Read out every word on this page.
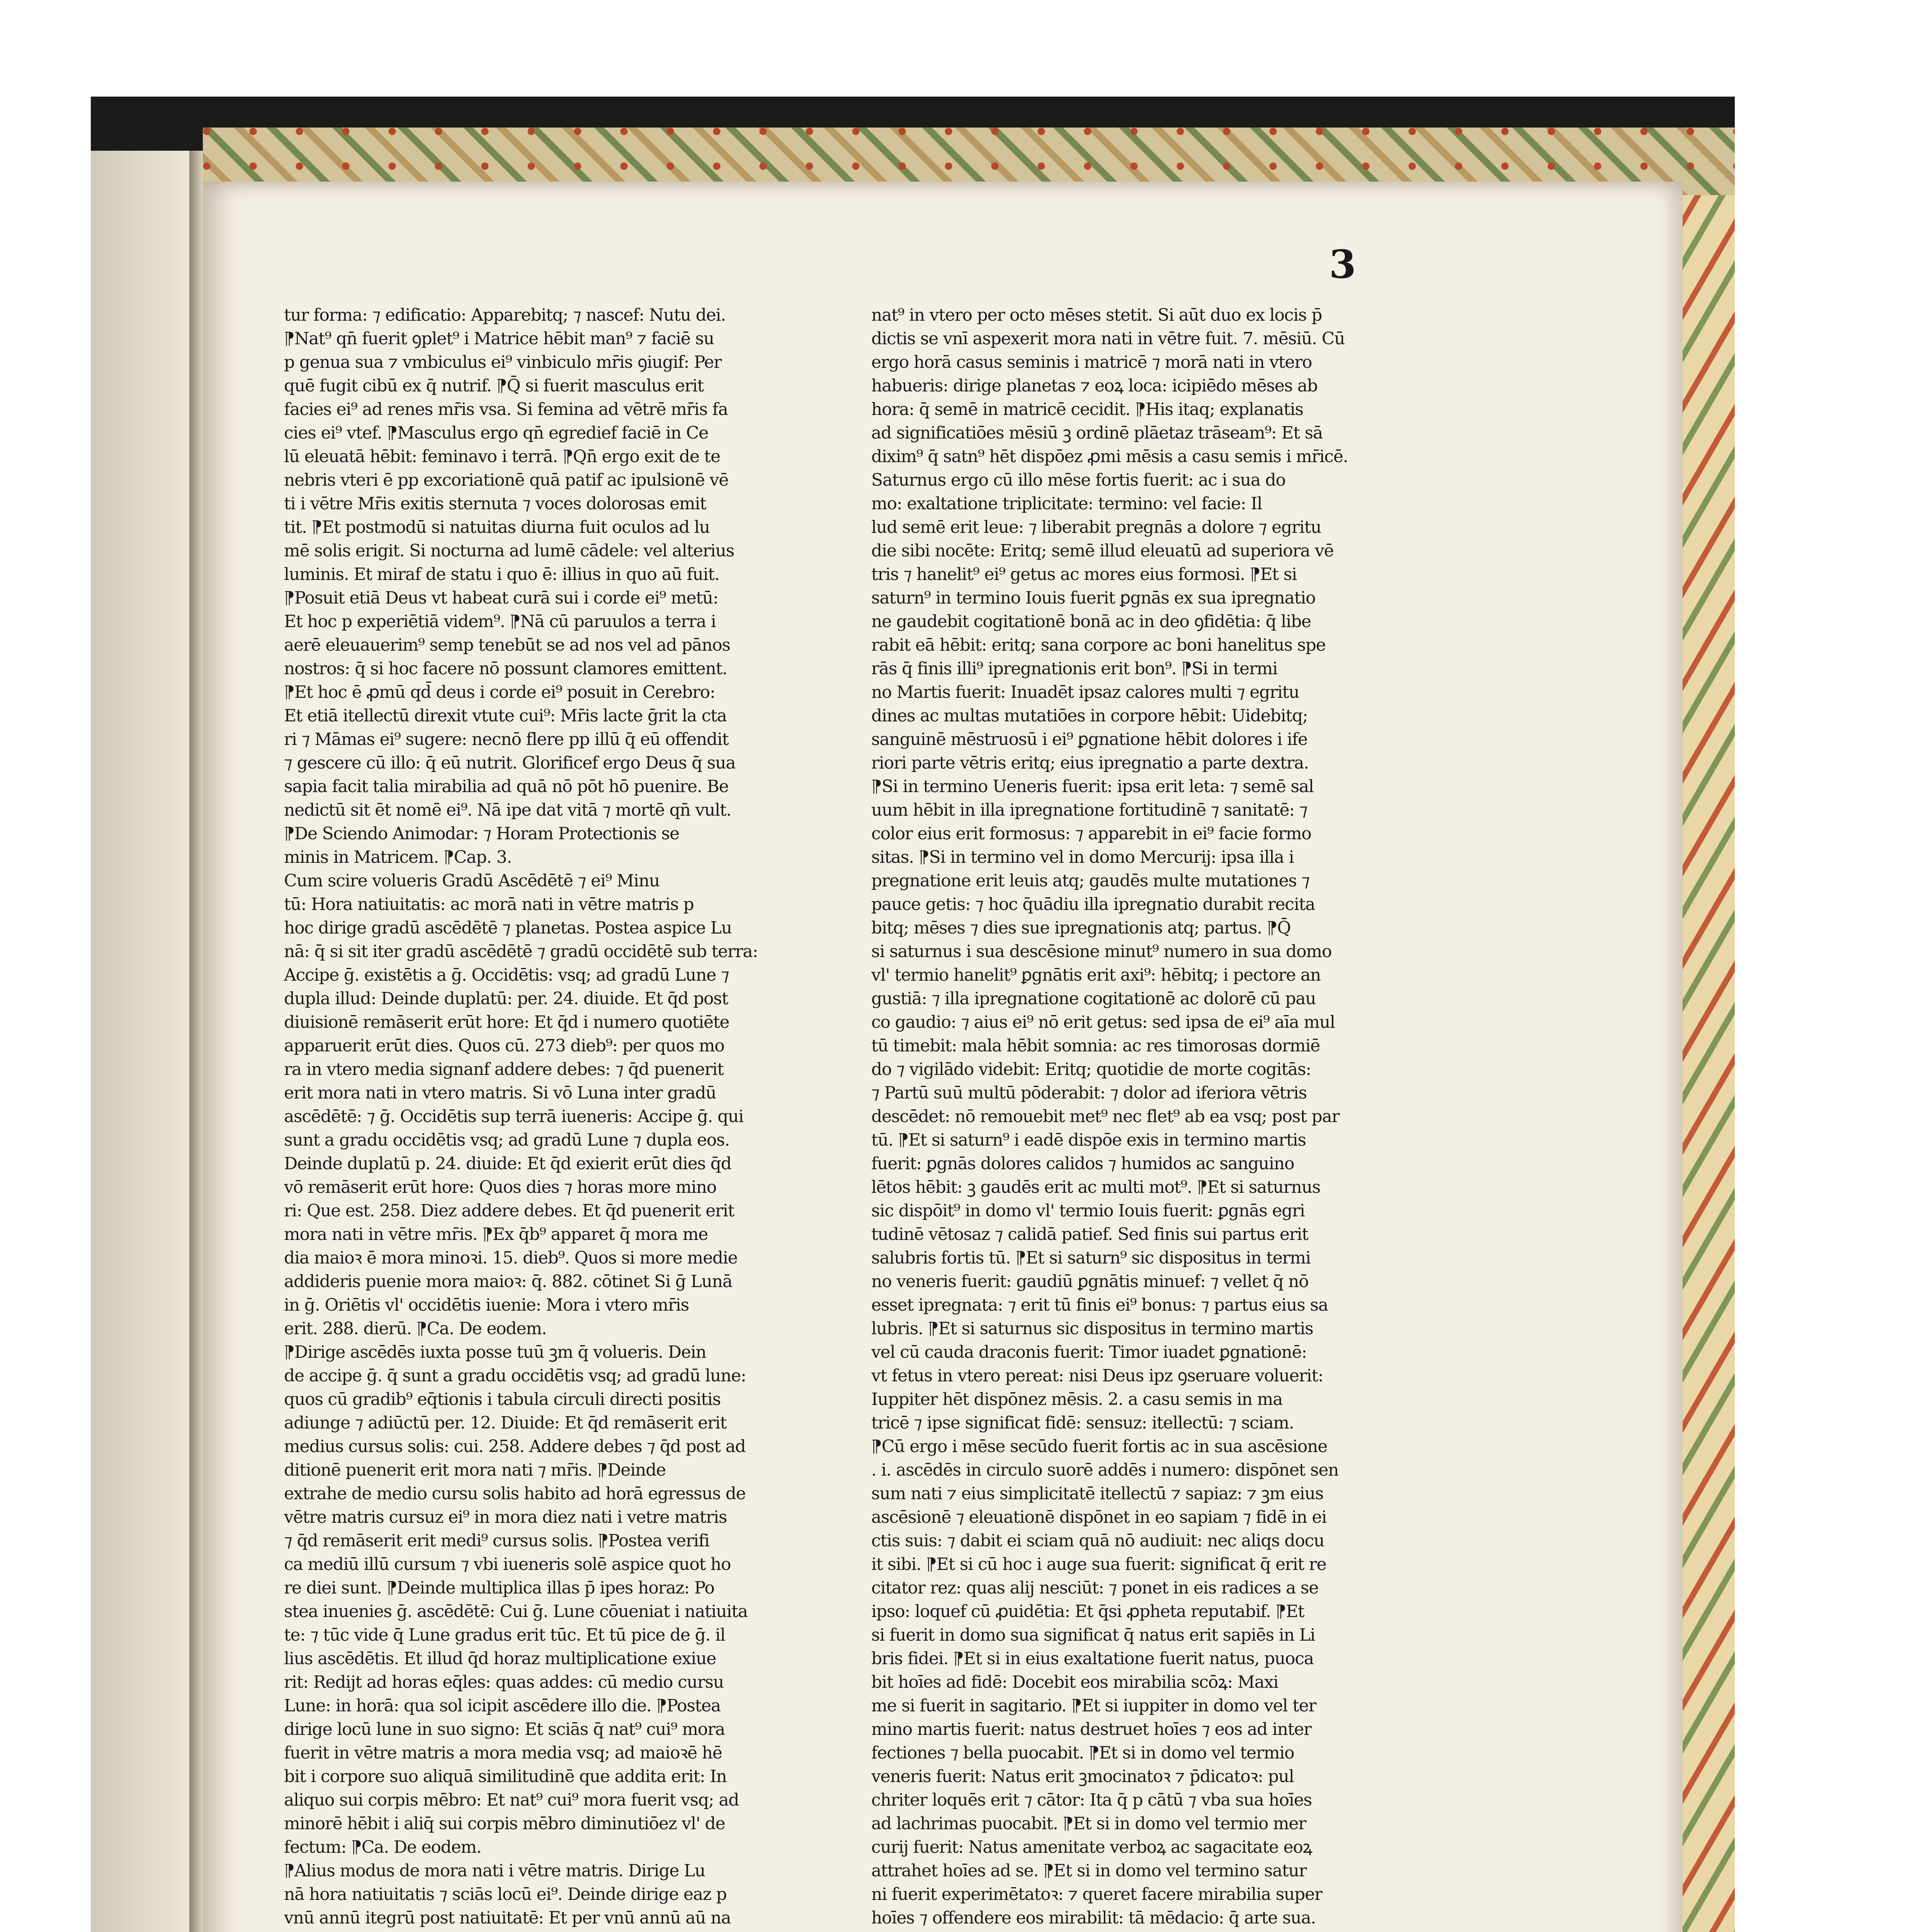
3
tur forma: ⁊ edificatio: Apparebitq; ⁊ nascef: Nutu dei.
⁋Nat⁹ qn̄ fuerit ꝯplet⁹ i Matrice hēbit man⁹ ⁊ faciē su
p genua sua ⁊ vmbiculus ei⁹ vinbiculo mr̄is ꝯiugif: Per
quē fugit cibū ex q̄ nutrif. ⁋Q̄ si fuerit masculus erit
facies ei⁹ ad renes mr̄is vsa. Si femina ad vētrē mr̄is fa
cies ei⁹ vtef. ⁋Masculus ergo qn̄ egredief faciē in Ce
lū eleuatā hēbit: feminavo i terrā. ⁋Qn̄ ergo exit de te
nebris vteri ē pp excoriationē quā patif ac ipulsionē vē
ti i vētre Mr̄is exitis sternuta ⁊ voces dolorosas emit
tit. ⁋Et postmodū si natuitas diurna fuit oculos ad lu
mē solis erigit. Si nocturna ad lumē cādele: vel alterius
luminis. Et miraf de statu i quo ē: illius in quo aū fuit.
⁋Posuit etiā Deus vt habeat curā sui i corde ei⁹ metū:
Et hoc p experiētiā videm⁹. ⁋Nā cū paruulos a terra i
aerē eleuauerim⁹ semp tenebūt se ad nos vel ad pānos
nostros: q̄ si hoc facere nō possunt clamores emittent.
⁋Et hoc ē ꝓmū qd̄ deus i corde ei⁹ posuit in Cerebro:
Et etiā itellectū direxit vtute cui⁹: Mr̄is lacte ḡrit la cta
ri ⁊ Māmas ei⁹ sugere: necnō flere pp illū q̄ eū offendit
⁊ gescere cū illo: q̄ eū nutrit. Glorificef ergo Deus q̄ sua
sapia facit talia mirabilia ad quā nō pōt hō puenire. Be
nedictū sit ēt nomē ei⁹. Nā ipe dat vitā ⁊ mortē qn̄ vult.
⁋De Sciendo Animodar: ⁊ Horam Protectionis se
minis in Matricem. ⁋Cap. 3.
Cum scire volueris Gradū Ascēdētē ⁊ ei⁹ Minu
tū: Hora natiuitatis: ac morā nati in vētre matris p
hoc dirige gradū ascēdētē ⁊ planetas. Postea aspice Lu
nā: q̄ si sit iter gradū ascēdētē ⁊ gradū occidētē sub terra:
Accipe ḡ. existētis a ḡ. Occidētis: vsq; ad gradū Lune ⁊
dupla illud: Deinde duplatū: per. 24. diuide. Et q̄d post
diuisionē remāserit erūt hore: Et q̄d i numero quotiēte
apparuerit erūt dies. Quos cū. 273 dieb⁹: per quos mo
ra in vtero media signanf addere debes: ⁊ q̄d puenerit
erit mora nati in vtero matris. Si vō Luna inter gradū
ascēdētē: ⁊ ḡ. Occidētis sup terrā iueneris: Accipe ḡ. qui
sunt a gradu occidētis vsq; ad gradū Lune ⁊ dupla eos.
Deinde duplatū p. 24. diuide: Et q̄d exierit erūt dies q̄d
vō remāserit erūt hore: Quos dies ⁊ horas more mino
ri: Que est. 258. Diez addere debes. Et q̄d puenerit erit
mora nati in vētre mr̄is. ⁋Ex q̄b⁹ apparet q̄ mora me
dia maioꝛ ē mora minoꝛi. 15. dieb⁹. Quos si more medie
addideris puenie mora maioꝛ: q̄. 882. cōtinet Si ḡ Lunā
in ḡ. Oriētis vl' occidētis iuenie: Mora i vtero mr̄is
erit. 288. dierū. ⁋Ca. De eodem.
⁋Dirige ascēdēs iuxta posse tuū ꝫm q̄ volueris. Dein
de accipe ḡ. q̄ sunt a gradu occidētis vsq; ad gradū lune:
quos cū gradib⁹ eq̄tionis i tabula circuli directi positis
adiunge ⁊ adiūctū per. 12. Diuide: Et q̄d remāserit erit
medius cursus solis: cui. 258. Addere debes ⁊ q̄d post ad
ditionē puenerit erit mora nati ⁊ mr̄is. ⁋Deinde
extrahe de medio cursu solis habito ad horā egressus de
vētre matris cursuz ei⁹ in mora diez nati i vetre matris
⁊ q̄d remāserit erit medi⁹ cursus solis. ⁋Postea verifi
ca mediū illū cursum ⁊ vbi iueneris solē aspice quot ho
re diei sunt. ⁋Deinde multiplica illas p̄ ipes horaz: Po
stea inuenies ḡ. ascēdētē: Cui ḡ. Lune cōueniat i natiuita
te: ⁊ tūc vide q̄ Lune gradus erit tūc. Et tū pice de ḡ. il
lius ascēdētis. Et illud q̄d horaz multiplicatione exiue
rit: Redijt ad horas eq̄les: quas addes: cū medio cursu
Lune: in horā: qua sol icipit ascēdere illo die. ⁋Postea
dirige locū lune in suo signo: Et sciās q̄ nat⁹ cui⁹ mora
fuerit in vētre matris a mora media vsq; ad maioꝛē hē
bit i corpore suo aliquā similitudinē que addita erit: In
aliquo sui corpis mēbro: Et nat⁹ cui⁹ mora fuerit vsq; ad
minorē hēbit i aliq̄ sui corpis mēbro diminutiōez vl' de
fectum: ⁋Ca. De eodem.
⁋Alius modus de mora nati i vētre matris. Dirige Lu
nā hora natiuitatis ⁊ sciās locū ei⁹. Deinde dirige eaz p
vnū annū itegrū post natiuitatē: Et per vnū annū aū na
nat⁹ in vtero per octo mēses stetit. Si aūt duo ex locis p̄
dictis se vnī aspexerit mora nati in vētre fuit. 7. mēsiū. Cū
ergo horā casus seminis i matricē ⁊ morā nati in vtero
habueris: dirige planetas ⁊ eoꝝ loca: icipiēdo mēses ab
hora: q̄ semē in matricē cecidit. ⁋His itaq; explanatis
ad significatiōes mēsiū ꝫ ordinē plāetaz trāseam⁹: Et sā
dixim⁹ q̄ satn⁹ hēt dispōez ꝓmi mēsis a casu semis i mr̄icē.
Saturnus ergo cū illo mēse fortis fuerit: ac i sua do
mo: exaltatione triplicitate: termino: vel facie: Il
lud semē erit leue: ⁊ liberabit pregnās a dolore ⁊ egritu
die sibi nocēte: Eritq; semē illud eleuatū ad superiora vē
tris ⁊ hanelit⁹ ei⁹ getus ac mores eius formosi. ⁋Et si
saturn⁹ in termino Iouis fuerit ꝑgnās ex sua ipregnatio
ne gaudebit cogitationē bonā ac in deo ꝯfidētia: q̄ libe
rabit eā hēbit: eritq; sana corpore ac boni hanelitus spe
rās q̄ finis illi⁹ ipregnationis erit bon⁹. ⁋Si in termi
no Martis fuerit: Inuadēt ipsaz calores multi ⁊ egritu
dines ac multas mutatiōes in corpore hēbit: Uidebitq;
sanguinē mēstruosū i ei⁹ ꝑgnatione hēbit dolores i ife
riori parte vētris eritq; eius ipregnatio a parte dextra.
⁋Si in termino Ueneris fuerit: ipsa erit leta: ⁊ semē sal
uum hēbit in illa ipregnatione fortitudinē ⁊ sanitatē: ⁊
color eius erit formosus: ⁊ apparebit in ei⁹ facie formo
sitas. ⁋Si in termino vel in domo Mercurij: ipsa illa i
pregnatione erit leuis atq; gaudēs multe mutationes ⁊
pauce getis: ⁊ hoc q̄uādiu illa ipregnatio durabit recita
bitq; mēses ⁊ dies sue ipregnationis atq; partus. ⁋Q̄
si saturnus i sua descēsione minut⁹ numero in sua domo
vl' termio hanelit⁹ ꝑgnātis erit axi⁹: hēbitq; i pectore an
gustiā: ⁊ illa ipregnatione cogitationē ac dolorē cū pau
co gaudio: ⁊ aius ei⁹ nō erit getus: sed ipsa de ei⁹ aīa mul
tū timebit: mala hēbit somnia: ac res timorosas dormiē
do ⁊ vigilādo videbit: Eritq; quotidie de morte cogitās:
⁊ Partū suū multū pōderabit: ⁊ dolor ad iferiora vētris
descēdet: nō remouebit met⁹ nec flet⁹ ab ea vsq; post par
tū. ⁋Et si saturn⁹ i eadē dispōe exis in termino martis
fuerit: ꝑgnās dolores calidos ⁊ humidos ac sanguino
lētos hēbit: ꝫ gaudēs erit ac multi mot⁹. ⁋Et si saturnus
sic dispōit⁹ in domo vl' termio Iouis fuerit: ꝑgnās egri
tudinē vētosaz ⁊ calidā patief. Sed finis sui partus erit
salubris fortis tū. ⁋Et si saturn⁹ sic dispositus in termi
no veneris fuerit: gaudiū ꝑgnātis minuef: ⁊ vellet q̄ nō
esset ipregnata: ⁊ erit tū finis ei⁹ bonus: ⁊ partus eius sa
lubris. ⁋Et si saturnus sic dispositus in termino martis
vel cū cauda draconis fuerit: Timor iuadet ꝑgnationē:
vt fetus in vtero pereat: nisi Deus ipz ꝯseruare voluerit:
Iuppiter hēt dispōnez mēsis. 2. a casu semis in ma
tricē ⁊ ipse significat fidē: sensuz: itellectū: ⁊ sciam.
⁋Cū ergo i mēse secūdo fuerit fortis ac in sua ascēsione
. i. ascēdēs in circulo suorē addēs i numero: dispōnet sen
sum nati ⁊ eius simplicitatē itellectū ⁊ sapiaz: ⁊ ꝫm eius
ascēsionē ⁊ eleuationē dispōnet in eo sapiam ⁊ fidē in ei
ctis suis: ⁊ dabit ei sciam quā nō audiuit: nec aliqs docu
it sibi. ⁋Et si cū hoc i auge sua fuerit: significat q̄ erit re
citator rez: quas alij nesciūt: ⁊ ponet in eis radices a se
ipso: loquef cū ꝓuidētia: Et q̄si ꝓpheta reputabif. ⁋Et
si fuerit in domo sua significat q̄ natus erit sapiēs in Li
bris fidei. ⁋Et si in eius exaltatione fuerit natus, puoca
bit hoīes ad fidē: Docebit eos mirabilia scōꝝ: Maxi
me si fuerit in sagitario. ⁋Et si iuppiter in domo vel ter
mino martis fuerit: natus destruet hoīes ⁊ eos ad inter
fectiones ⁊ bella puocabit. ⁋Et si in domo vel termio
veneris fuerit: Natus erit ꝫmocinatoꝛ ⁊ p̄dicatoꝛ: pul
chriter loquēs erit ⁊ cātor: Ita q̄ p cātū ⁊ vba sua hoīes
ad lachrimas puocabit. ⁋Et si in domo vel termio mer
curij fuerit: Natus amenitate verboꝝ ac sagacitate eoꝝ
attrahet hoīes ad se. ⁋Et si in domo vel termino satur
ni fuerit experimētatoꝛ: ⁊ queret facere mirabilia super
hoīes ⁊ offendere eos mirabilit: tā mēdacio: q̄ arte sua.
